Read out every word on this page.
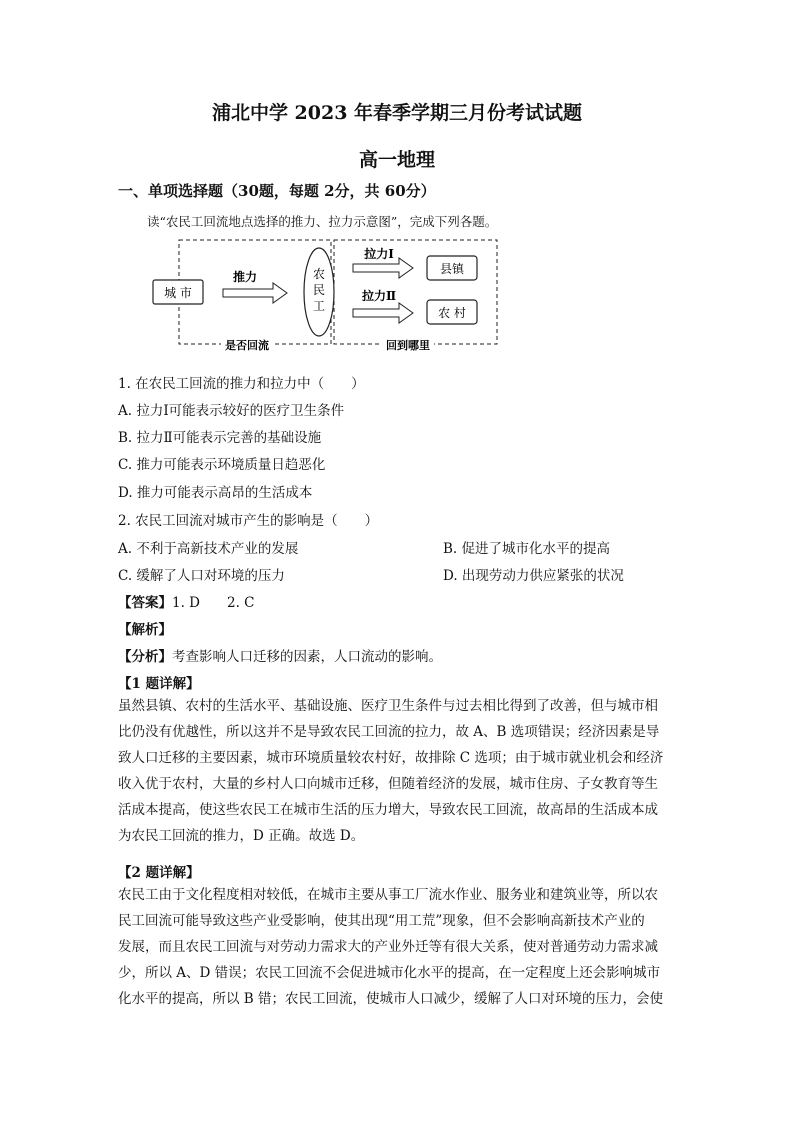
浦北中学 2023 年春季学期三月份考试试题
高一地理
一、单项选择题（30题，每题 2分，共 60分）
读“农民工回流地点选择的推力、拉力示意图”，完成下列各题。
城 市
推力	农
民
工
拉力Ⅰ
拉力Ⅱ
县镇
农 村
是否回流	回到哪里
1. 在农民工回流的推力和拉力中（　　）
A. 拉力Ⅰ可能表示较好的医疗卫生条件
B. 拉力Ⅱ可能表示完善的基础设施
C. 推力可能表示环境质量日趋恶化
D. 推力可能表示高昂的生活成本
2. 农民工回流对城市产生的影响是（　　）
A. 不利于高新技术产业的发展	B. 促进了城市化水平的提高
C. 缓解了人口对环境的压力	D. 出现劳动力供应紧张的状况
【答案】1. D　　2. C
【解析】
【分析】考查影响人口迁移的因素，人口流动的影响。
【1 题详解】
虽然县镇、农村的生活水平、基础设施、医疗卫生条件与过去相比得到了改善，但与城市相
比仍没有优越性，所以这并不是导致农民工回流的拉力，故 A、B 选项错误；经济因素是导
致人口迁移的主要因素，城市环境质量较农村好，故排除 C 选项；由于城市就业机会和经济
收入优于农村，大量的乡村人口向城市迁移，但随着经济的发展，城市住房、子女教育等生
活成本提高，使这些农民工在城市生活的压力增大，导致农民工回流，故高昂的生活成本成
为农民工回流的推力，D 正确。故选 D。
【2 题详解】
农民工由于文化程度相对较低，在城市主要从事工厂流水作业、服务业和建筑业等，所以农
民工回流可能导致这些产业受影响，使其出现“用工荒”现象，但不会影响高新技术产业的
发展，而且农民工回流与对劳动力需求大的产业外迁等有很大关系，使对普通劳动力需求减
少，所以 A、D 错误；农民工回流不会促进城市化水平的提高，在一定程度上还会影响城市
化水平的提高，所以 B 错；农民工回流，使城市人口减少，缓解了人口对环境的压力，会使
